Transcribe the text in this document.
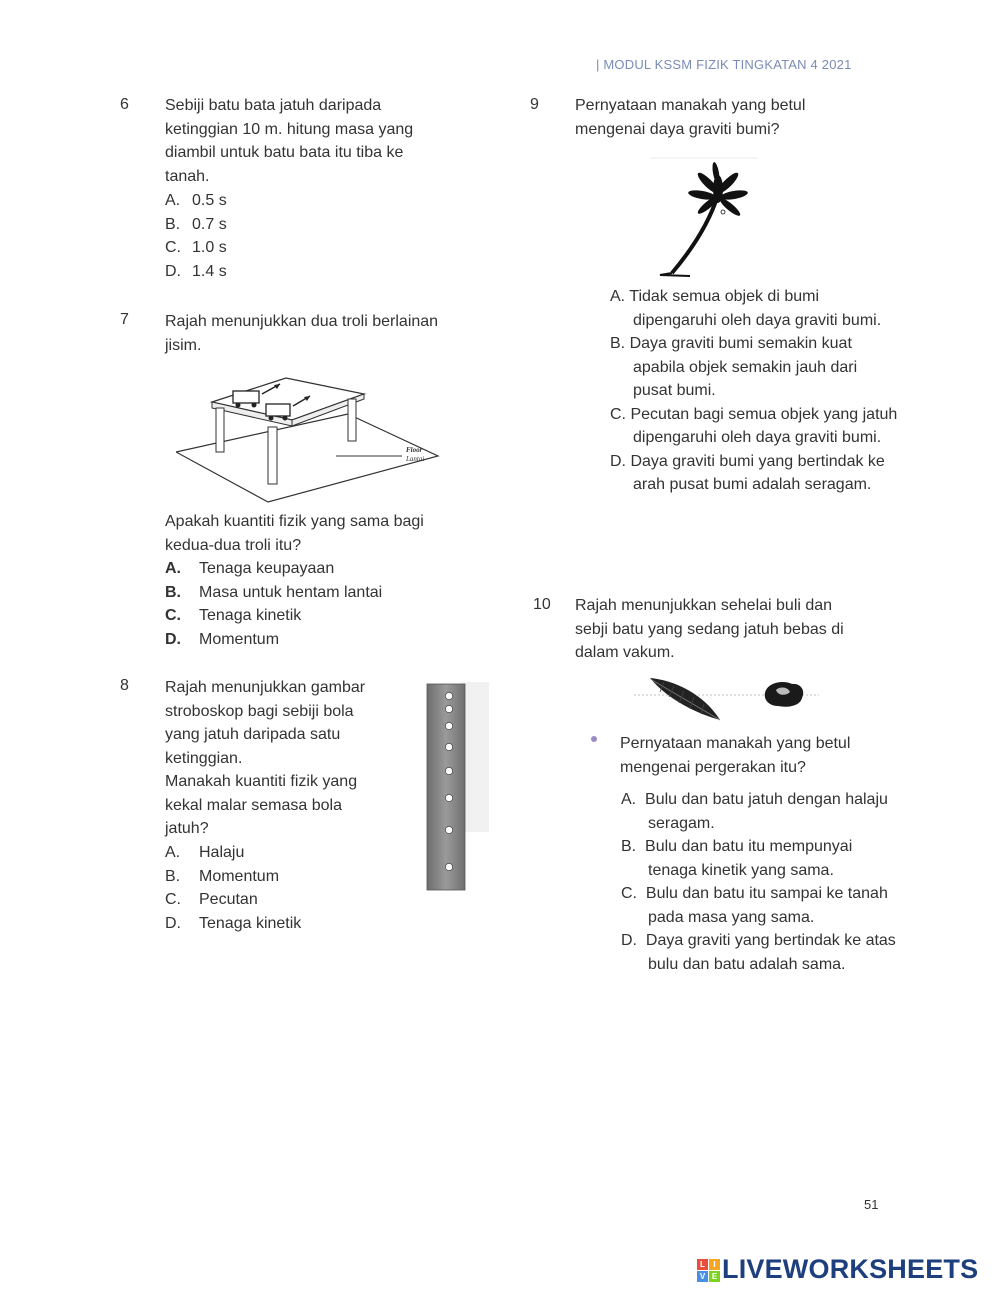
| MODUL KSSM FIZIK TINGKATAN 4 2021
6 Sebiji batu bata jatuh daripada
ketinggian 10 m. hitung masa yang
diambil untuk batu bata itu tiba ke
tanah.
A. 0.5 s
B. 0.7 s
C. 1.0 s
D. 1.4 s
7 Rajah menunjukkan dua troli berlainan
jisim.
Floor
Lantai
Apakah kuantiti fizik yang sama bagi
kedua-dua troli itu?
A. Tenaga keupayaan
B. Masa untuk hentam lantai
C. Tenaga kinetik
D. Momentum
8 Rajah menunjukkan gambar
stroboskop bagi sebiji bola
yang jatuh daripada satu
ketinggian.
Manakah kuantiti fizik yang
kekal malar semasa bola
jatuh?
A. Halaju
B. Momentum
C. Pecutan
D. Tenaga kinetik
9 Pernyataan manakah yang betul
mengenai daya graviti bumi?
A. Tidak semua objek di bumi dipengaruhi oleh daya graviti bumi.
B. Daya graviti bumi semakin kuat apabila objek semakin jauh dari pusat bumi.
C. Pecutan bagi semua objek yang jatuh dipengaruhi oleh daya graviti bumi.
D. Daya graviti bumi yang bertindak ke arah pusat bumi adalah seragam.
10 Rajah menunjukkan sehelai buli dan
sebji batu yang sedang jatuh bebas di
dalam vakum.
Pernyataan manakah yang betul
mengenai pergerakan itu?
A. Bulu dan batu jatuh dengan halaju seragam.
B. Bulu dan batu itu mempunyai tenaga kinetik yang sama.
C. Bulu dan batu itu sampai ke tanah pada masa yang sama.
D. Daya graviti yang bertindak ke atas bulu dan batu adalah sama.
51
L	I
V E LIVEWORKSHEETS
